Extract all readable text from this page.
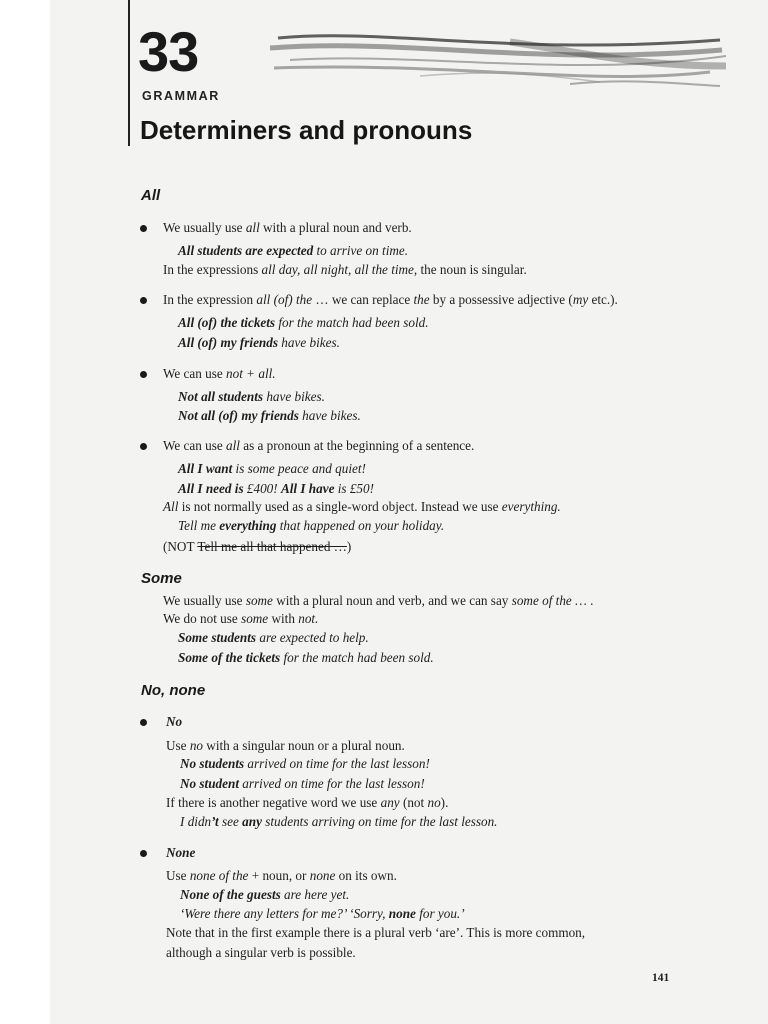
33
GRAMMAR
Determiners and pronouns
All
We usually use all with a plural noun and verb.
All students are expected to arrive on time.
In the expressions all day, all night, all the time, the noun is singular.
In the expression all (of) the … we can replace the by a possessive adjective (my etc.).
All (of) the tickets for the match had been sold.
All (of) my friends have bikes.
We can use not + all.
Not all students have bikes.
Not all (of) my friends have bikes.
We can use all as a pronoun at the beginning of a sentence.
All I want is some peace and quiet!
All I need is £400! All I have is £50!
All is not normally used as a single-word object. Instead we use everything.
Tell me everything that happened on your holiday.
(NOT Tell me all that happened …)
Some
We usually use some with a plural noun and verb, and we can say some of the … .
We do not use some with not.
Some students are expected to help.
Some of the tickets for the match had been sold.
No, none
No
Use no with a singular noun or a plural noun.
No students arrived on time for the last lesson!
No student arrived on time for the last lesson!
If there is another negative word we use any (not no).
I didn’t see any students arriving on time for the last lesson.
None
Use none of the + noun, or none on its own.
None of the guests are here yet.
‘Were there any letters for me?’ ‘Sorry, none for you.’
Note that in the first example there is a plural verb ‘are’. This is more common,
although a singular verb is possible.
141
